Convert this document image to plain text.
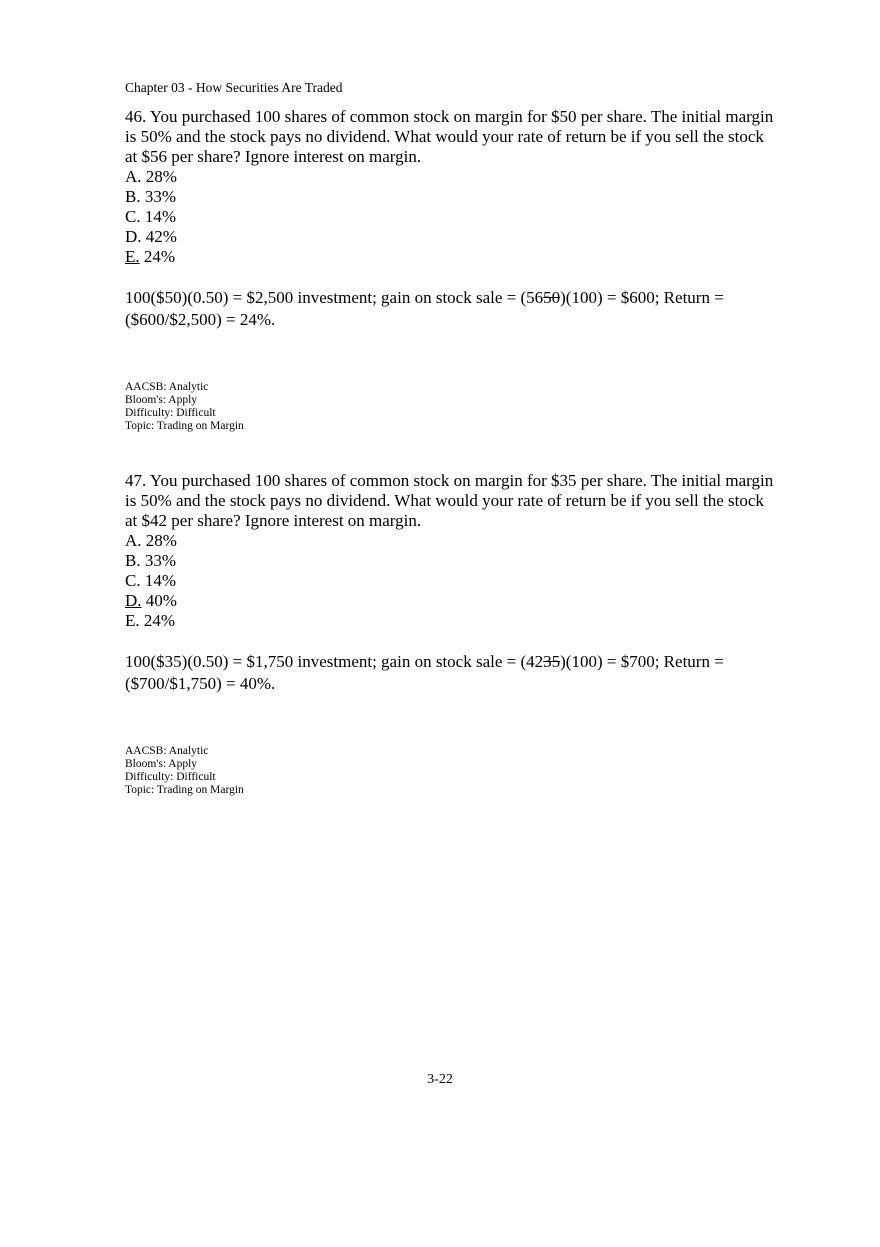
Chapter 03 - How Securities Are Traded

46. You purchased 100 shares of common stock on margin for $50 per share. The initial margin is 50% and the stock pays no dividend. What would your rate of return be if you sell the stock at $56 per share? Ignore interest on margin.

A. 28%

B. 33%

C. 14%

D. 42%

E. 24%

100($50)(0.50) = $2,500 investment; gain on stock sale = (5650)(100) = $600; Return = ($600/$2,500) = 24%.
AACSB: Analytic
Bloom's: Apply
Difficulty: Difficult
Topic: Trading on Margin

47. You purchased 100 shares of common stock on margin for $35 per share. The initial margin is 50% and the stock pays no dividend. What would your rate of return be if you sell the stock at $42 per share? Ignore interest on margin.

A. 28%

B. 33%

C. 14%

D. 40%

E. 24%

100($35)(0.50) = $1,750 investment; gain on stock sale = (4235)(100) = $700; Return = ($700/$1,750) = 40%.
AACSB: Analytic
Bloom's: Apply
Difficulty: Difficult
Topic: Trading on Margin
3-22
